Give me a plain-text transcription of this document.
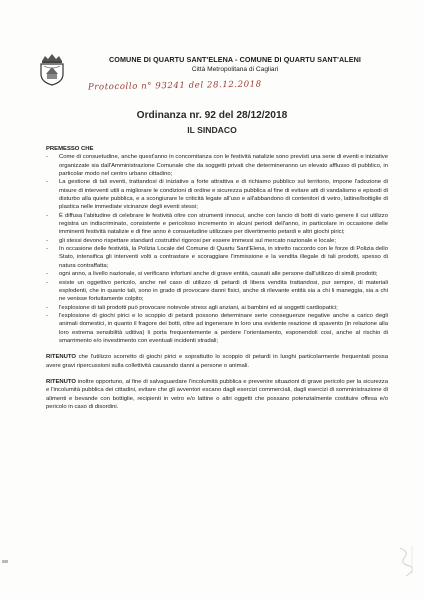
COMUNE DI QUARTU SANT'ELENA - COMUNE DI QUARTU SANT'ALENI
Città Metropolitana di Cagliari
Protocollo n° 93241 del 28.12.2018
Ordinanza nr. 92 del 28/12/2018
IL SINDACO
PREMESSO CHE
- Come di consuetudine, anche quest'anno in concomitanza con le festività natalizie sono previsti una serie di eventi e iniziative organizzate sia dall'Amministrazione Comunale che da soggetti privati che determineranno un elevato afflusso di pubblico, in particolar modo nel centro urbano cittadino;
- La gestione di tali eventi, trattandosi di iniziative a forte attrattiva e di richiamo pubblico sul territorio, impone l'adozione di misure di interventi utili a migliorare le condizioni di ordine e sicurezza pubblica al fine di evitare atti di vandalismo e episodi di disturbo alla quiete pubblica, e a scongiurare le criticità legate all'uso e all'abbandono di contenitori di vetro, lattine/bottiglie di plastica nelle immediate vicinanze degli eventi stessi;
- È diffusa l'abitudine di celebrare le festività oltre con strumenti innocui, anche con lancio di botti di vario genere il cui utilizzo registra un indiscriminato, consistente e pericoloso incremento in alcuni periodi dell'anno, in particolare in occasione delle imminenti festività natalizie e di fine anno è consuetudine utilizzare per divertimento petardi e altri giochi pirici;
- gli stessi devono rispettare standard costruttivi rigorosi per essere immessi sul mercato nazionale e locale;
- In occasione delle festività, la Polizia Locale del Comune di Quartu Sant'Elena, in stretto raccordo con le forze di Polizia dello Stato, intensifica gli interventi volti a contrastare e scoraggiare l'immissione e la vendita illegale di tali prodotti, spesso di natura contraffatta;
- ogni anno, a livello nazionale, si verificano infortuni anche di grave entità, causati alle persone dall'utilizzo di simili prodotti;
- esiste un oggettivo pericolo, anche nel caso di utilizzo di petardi di libera vendita trattandosi, pur sempre, di materiali esplodenti, che in quanto tali, sono in grado di provocare danni fisici, anche di rilevante entità sia a chi li maneggia, sia a chi ne venisse fortuitamente colpito;
- l'esplosione di tali prodotti può provocare notevole stress agli anziani, ai bambini ed ai soggetti cardiopatici;
- l'esplosione di giochi pirici e lo scoppio di petardi possono determinare serie conseguenze negative anche a carico degli animali domestici, in quanto il fragore dei botti, oltre ad ingenerare in loro una evidente reazione di spavento (in relazione alla loro estrema sensibilità uditiva) li porta frequentemente a perdere l'orientamento, esponendoli così, anche al rischio di smarrimento e/o investimento con eventuali incidenti stradali;

RITENUTO che l'utilizzo scorretto di giochi pirici e soprattutto lo scoppio di petardi in luoghi particolarmente frequentati possa avere gravi ripercussioni sulla collettività causando danni a persone o animali.

RITENUTO inoltre opportuno, al fine di salvaguardare l'incolumità pubblica e prevenire situazioni di grave pericolo per la sicurezza e l'incolumità pubblica dei cittadini, evitare che gli avventori escano dagli esercizi commerciali, dagli esercizi di somministrazione di alimenti e bevande con bottiglie, recipienti in vetro e/o lattine o altri oggetti che possano potenzialmente costituire offesa e/o pericolo in caso di disordini.
